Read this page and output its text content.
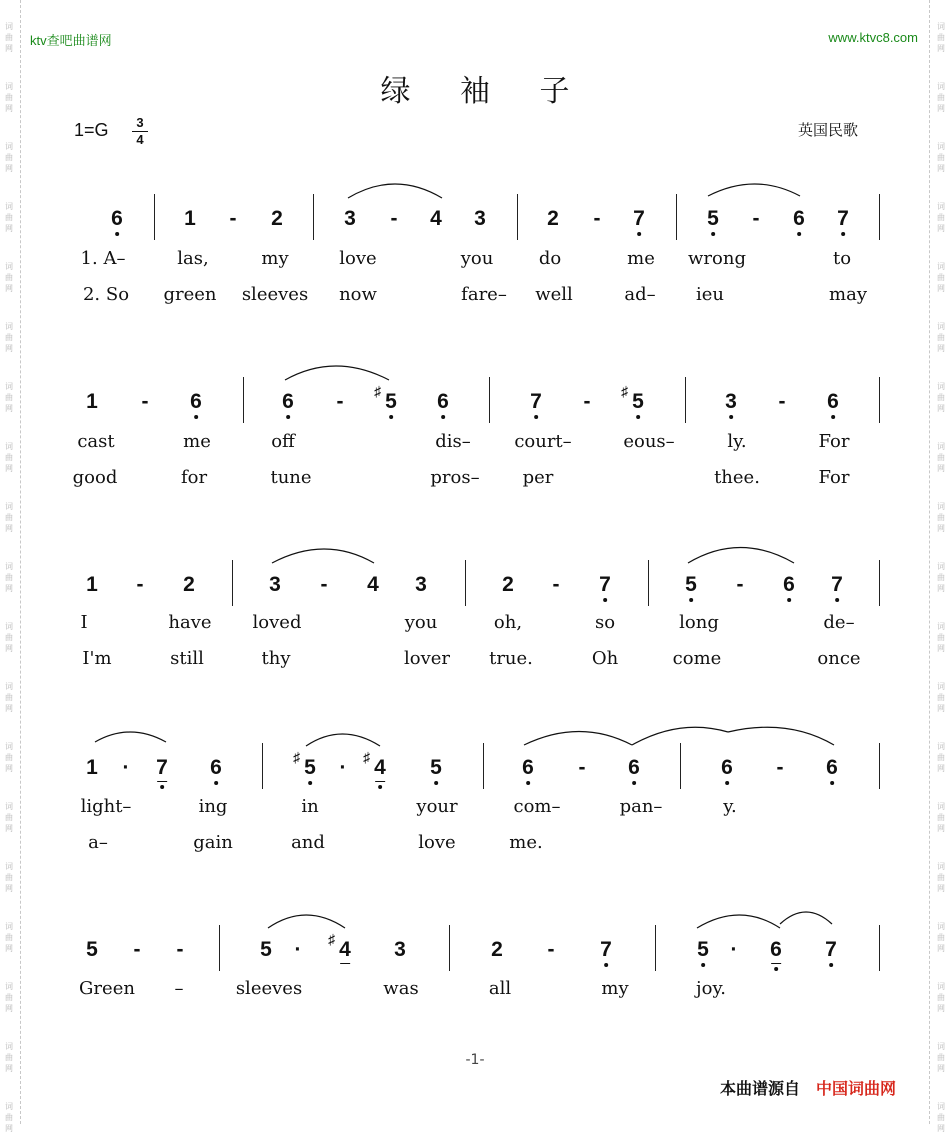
词
曲
网
词
曲
网
词
曲
网
词
曲
网
词
曲
网
词
曲
网
词
曲
网
词
曲
网
词
曲
网
词
曲
网
词
曲
网
词
曲
网
词
曲
网
词
曲
网
词
曲
网
词
曲
网
词
曲
网
词
曲
网
词
曲
网
词
曲
网
词
曲
网
词
曲
网
词
曲
网
词
曲
网
词
曲
网
词
曲
网
词
曲
网
词
曲
网
词
曲
网
词
曲
网
词
曲
网
词
曲
网
词
曲
网
词
曲
网
词
曲
网
词
曲
网
词
曲
网
词
曲
网
ktv查吧曲谱网	www.ktvc8.com
绿 袖 子
1=G	3
4
英国民歌
6	1 - 2	3 - 4 3	2 - 7	5 - 6 7
1. A–	las,	my	love	you	do	me wrong	to
2. So green sleeves now	fare– well	ad– ieu	may
1 - 6	6 - ♯ 5 6	7 - ♯ 5	3 - 6
cast	me	off	dis– court–	eous–	ly.	For
good	for	tune	pros– per	thee.	For
1 - 2	3 - 4 3	2 - 7	5 - 6 7
I	have loved	you	oh,	so	long	de–
I'm	still	thy	lover true.	Oh	come	once
1 · 7 6	♯ 5 · ♯ 4 5	6 - 6	6 - 6
light–	ing	in	your	com–	pan–	y.
a–	gain	and	love	me.
5 - -	5 · ♯ 4 3	2 - 7	5 · 6 7
Green –	sleeves	was	all	my	joy.
-1-
本曲谱源自 中国词曲网
